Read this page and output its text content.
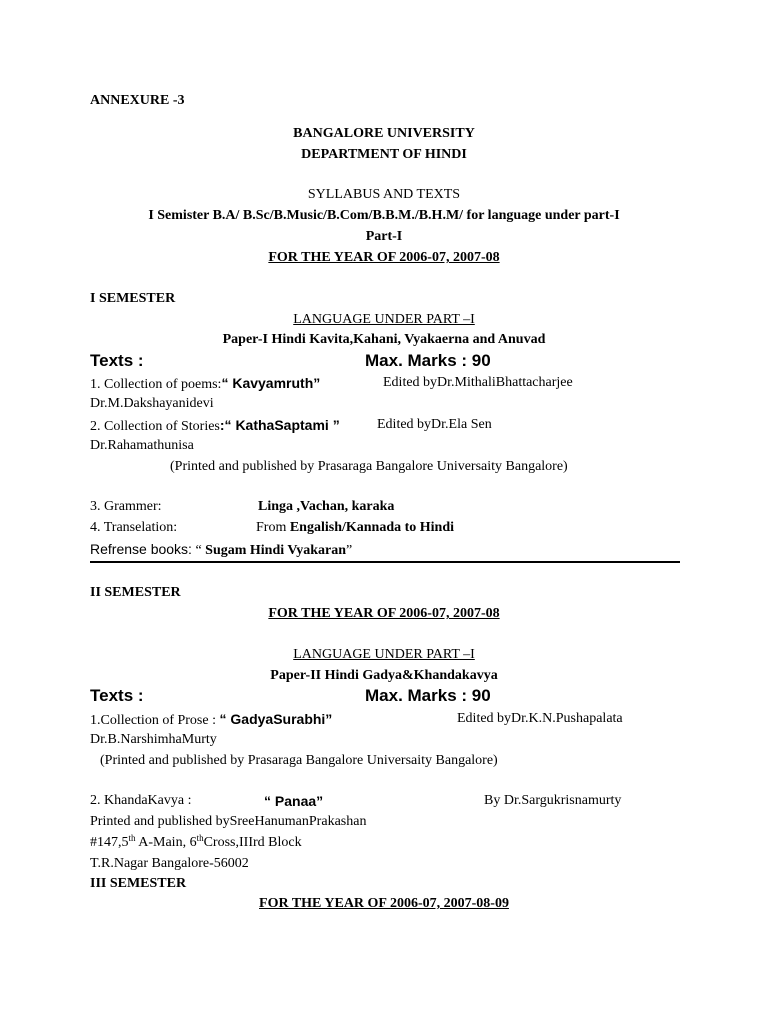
ANNEXURE -3
BANGALORE UNIVERSITY
DEPARTMENT OF HINDI
SYLLABUS AND TEXTS
I Semister B.A/ B.Sc/B.Music/B.Com/B.B.M./B.H.M/ for language under part-I
Part-I
FOR THE YEAR OF 2006-07, 2007-08
I SEMESTER
LANGUAGE UNDER PART –I
Paper-I Hindi Kavita,Kahani, Vyakaerna and Anuvad
Texts :	Max. Marks : 90
1. Collection of poems:“ Kavyamruth”	Edited byDr.MithaliBhattacharjee
Dr.M.Dakshayanidevi
2. Collection of Stories:“ KathaSaptami ”	Edited byDr.Ela Sen
Dr.Rahamathunisa
(Printed and published by Prasaraga Bangalore Universaity Bangalore)
3. Grammer:	Linga ,Vachan, karaka
4. Transelation:	From Engalish/Kannada to Hindi
Refrense books: “ Sugam Hindi Vyakaran”
II SEMESTER
FOR THE YEAR OF 2006-07, 2007-08
LANGUAGE UNDER PART –I
Paper-II Hindi Gadya&Khandakavya
Texts :	Max. Marks : 90
1.Collection of Prose : “ GadyaSurabhi”	Edited byDr.K.N.Pushapalata
Dr.B.NarshimhaMurty
(Printed and published by Prasaraga Bangalore Universaity Bangalore)
2. KhandaKavya :	“ Panaa”	By Dr.Sargukrisnamurty
Printed and published bySreeHanumanPrakashan
#147,5th A-Main, 6thCross,IIIrd Block
T.R.Nagar Bangalore-56002
III SEMESTER
FOR THE YEAR OF 2006-07, 2007-08-09
